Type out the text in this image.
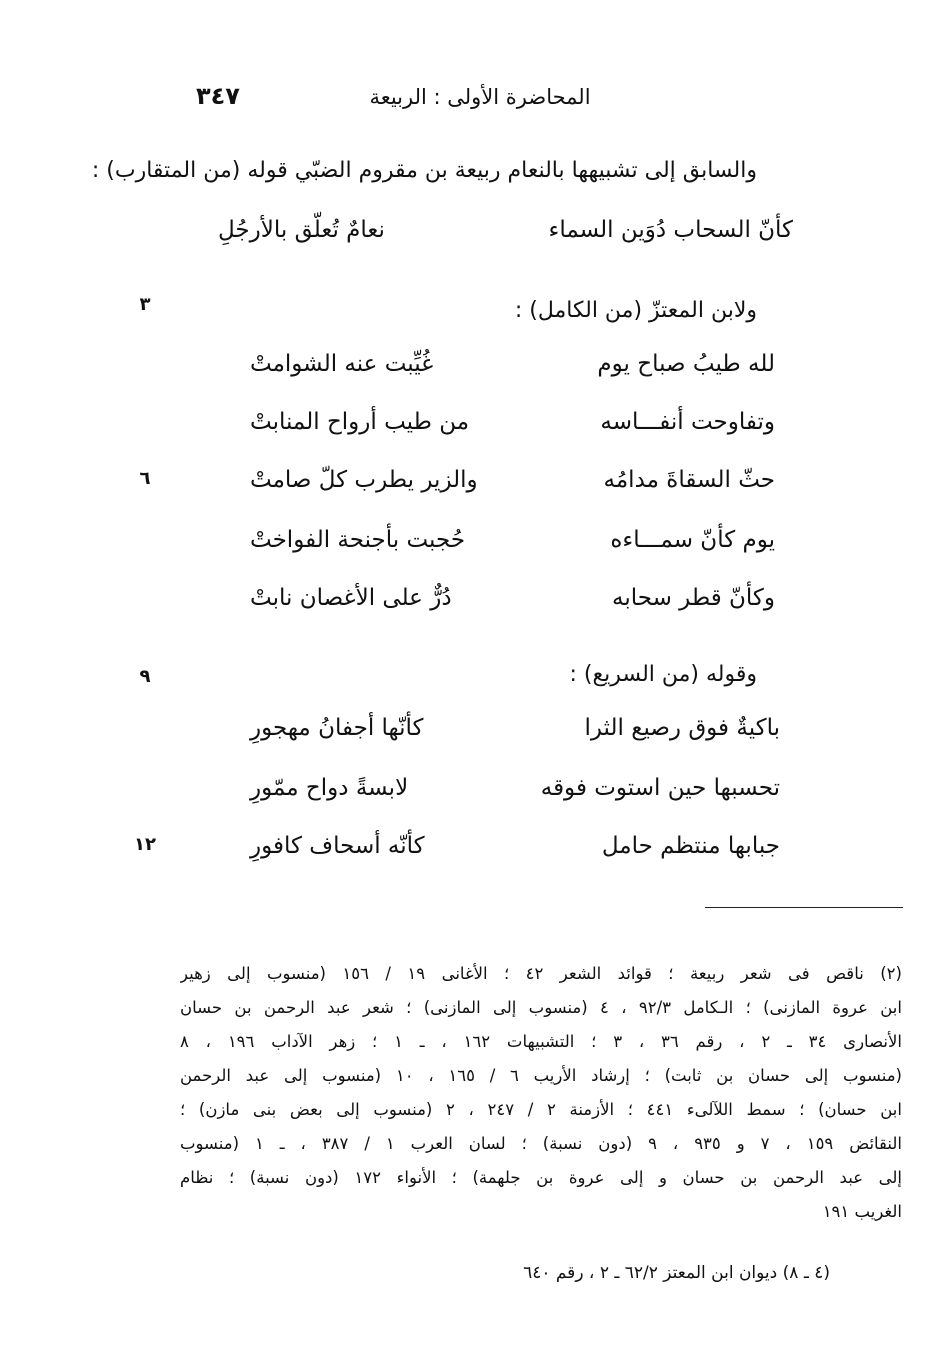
المحاضرة الأولى : الربيعة
٣٤٧
والسابق إلى تشبيهها بالنعام ربيعة بن مقروم الضبّي قوله (من المتقارب) :
كأنّ السحاب دُوَين السماء
نعامٌ تُعلّق بالأرجُلِ
ولابن المعتزّ (من الكامل) :
٣
لله طيبُ صباح يوم
غُيِّبت عنه الشوامتْ
وتفاوحت أنفـــاسه
من طيب أرواح المنابتْ
حثّ السقاةَ مدامُه
والزير يطرب كلّ صامتْ
٦
يوم كأنّ سمـــاءه
حُجبت بأجنحة الفواختْ
وكأنّ قطر سحابه
دُرٌّ على الأغصان نابتْ
وقوله (من السريع) :
٩
باكيةٌ فوق رصيع الثرا
كأنّها أجفانُ مهجورِ
تحسبها حين استوت فوقه
لابسةً دواح ممّورِ
جبابها منتظم حامل
كأنّه أسحاف كافورِ
١٢
(٢) ناقص فى شعر ربيعة ؛ قوائد الشعر ٤٢ ؛ الأغانى ١٩ / ١٥٦ (منسوب إلى زهير
ابن عروة المازنى) ؛ الـكامل ٩٢/٣ ، ٤ (منسوب إلى المازنى) ؛ شعر عبد الرحمن بن حسان
الأنصارى ٣٤ ـ ٢ ، رقم ٣٦ ، ٣ ؛ التشبيهات ١٦٢ ، ـ ١ ؛ زهر الآداب ١٩٦ ، ٨
(منسوب إلى حسان بن ثابت) ؛ إرشاد الأريب ٦ / ١٦٥ ، ١٠ (منسوب إلى عبد الرحمن
ابن حسان) ؛ سمط اللآلىء ٤٤١ ؛ الأزمنة ٢ / ٢٤٧ ، ٢ (منسوب إلى بعض بنى مازن) ؛
النقائض ١٥٩ ، ٧ و ٩٣٥ ، ٩ (دون نسبة) ؛ لسان العرب ١ / ٣٨٧ ، ـ ١ (منسوب
إلى عبد الرحمن بن حسان و إلى عروة بن جلهمة) ؛ الأنواء ١٧٢ (دون نسبة) ؛ نظام
الغريب ١٩١
(٤ ـ ٨) ديوان ابن المعتز ٦٢/٢ ـ ٢ ، رقم ٦٤٠
